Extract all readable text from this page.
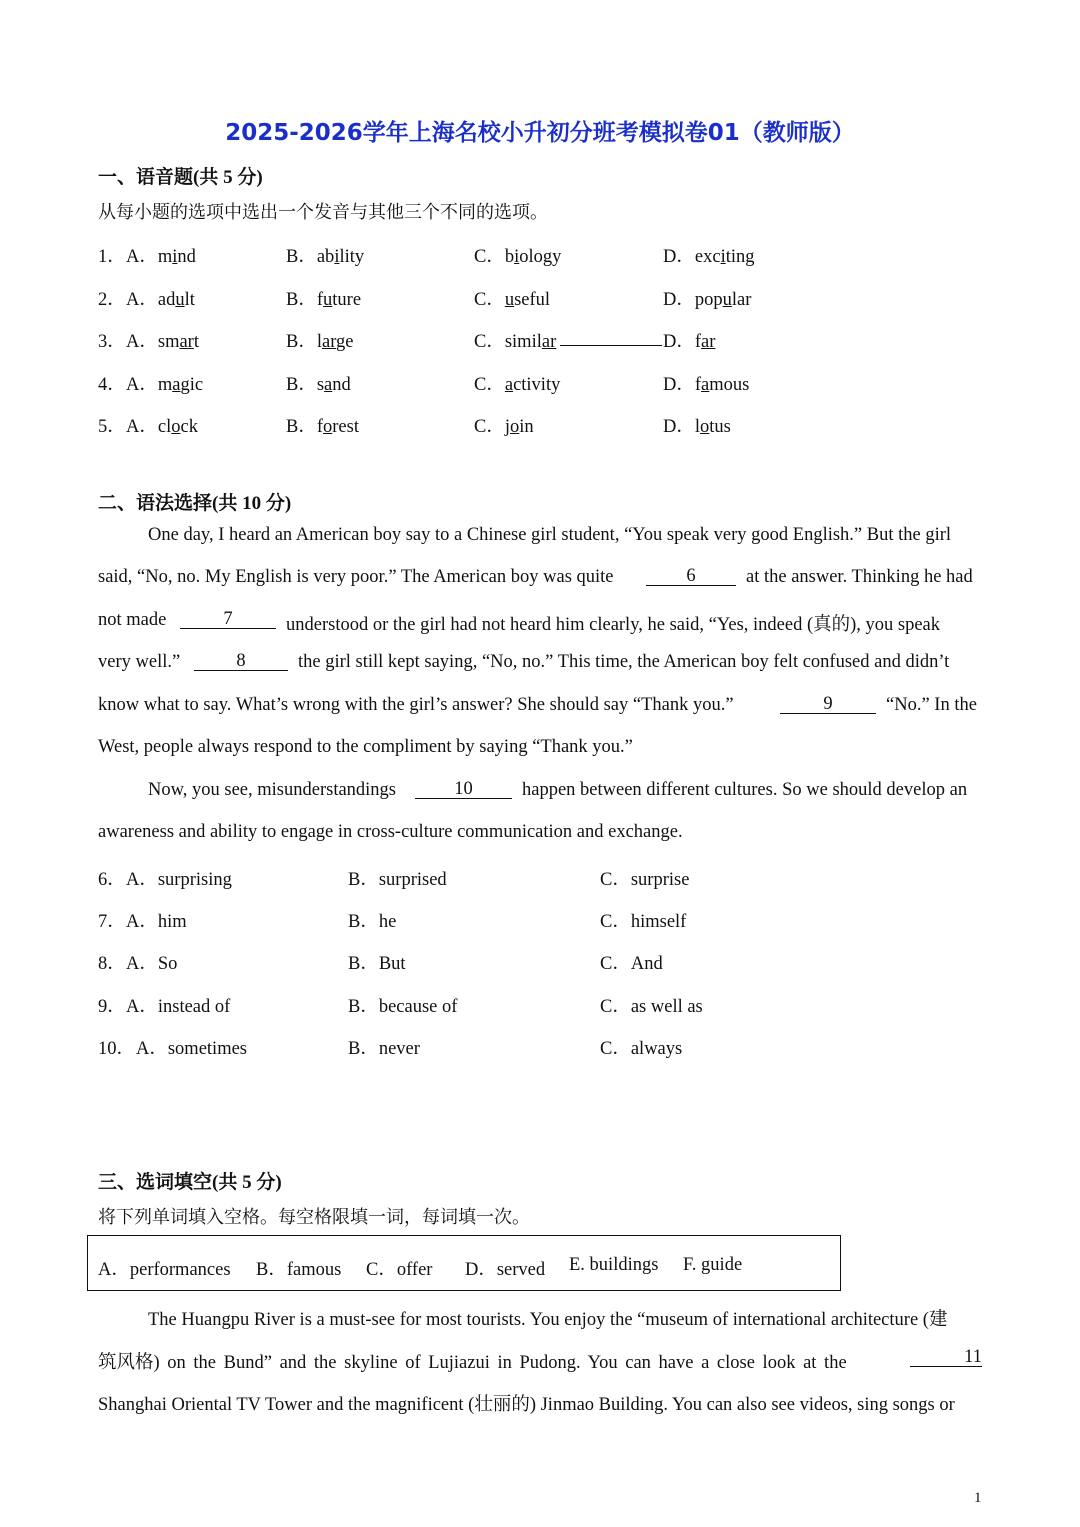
2025-2026学年上海名校小升初分班考模拟卷01（教师版）
一、语音题(共 5 分)
从每小题的选项中选出一个发音与其他三个不同的选项。
1． A．mind	B．ability	C．biology	D．exciting
2． A．adult	B．future	C．useful	D．popular
3． A．smart	B．large	C．similar	D．far
4． A．magic	B．sand	C．activity	D．famous
5． A．clock	B．forest	C．join	D．lotus
二、语法选择(共 10 分)
One day, I heard an American boy say to a Chinese girl student, “You speak very good English.” But the girl
said, “No, no. My English is very poor.” The American boy was quite	6	at the answer. Thinking he had
not made	7	understood or the girl had not heard him clearly, he said, “Yes, indeed (真的), you speak
very well.”	8	the girl still kept saying, “No, no.” This time, the American boy felt confused and didn’t
know what to say. What’s wrong with the girl’s answer? She should say “Thank you.”	9	“No.” In the
West, people always respond to the compliment by saying “Thank you.”
Now, you see, misunderstandings	10	happen between different cultures. So we should develop an
awareness and ability to engage in cross-culture communication and exchange.
6． A．surprising	B．surprised	C．surprise
7． A．him	B．he	C．himself
8． A．So	B．But	C．And
9． A．instead of	B．because of	C．as well as
10． A．sometimes	B．never	C．always
三、选词填空(共 5 分)
将下列单词填入空格。每空格限填一词，每词填一次。
A．performances B．famous C．offer D．served E. buildings F. guide
The Huangpu River is a must-see for most tourists. You enjoy the “museum of international architecture (建
筑风格) on the Bund” and the skyline of Lujiazui in Pudong. You can have a close look at the	11
Shanghai Oriental TV Tower and the magnificent (壮丽的) Jinmao Building. You can also see videos, sing songs or
1
